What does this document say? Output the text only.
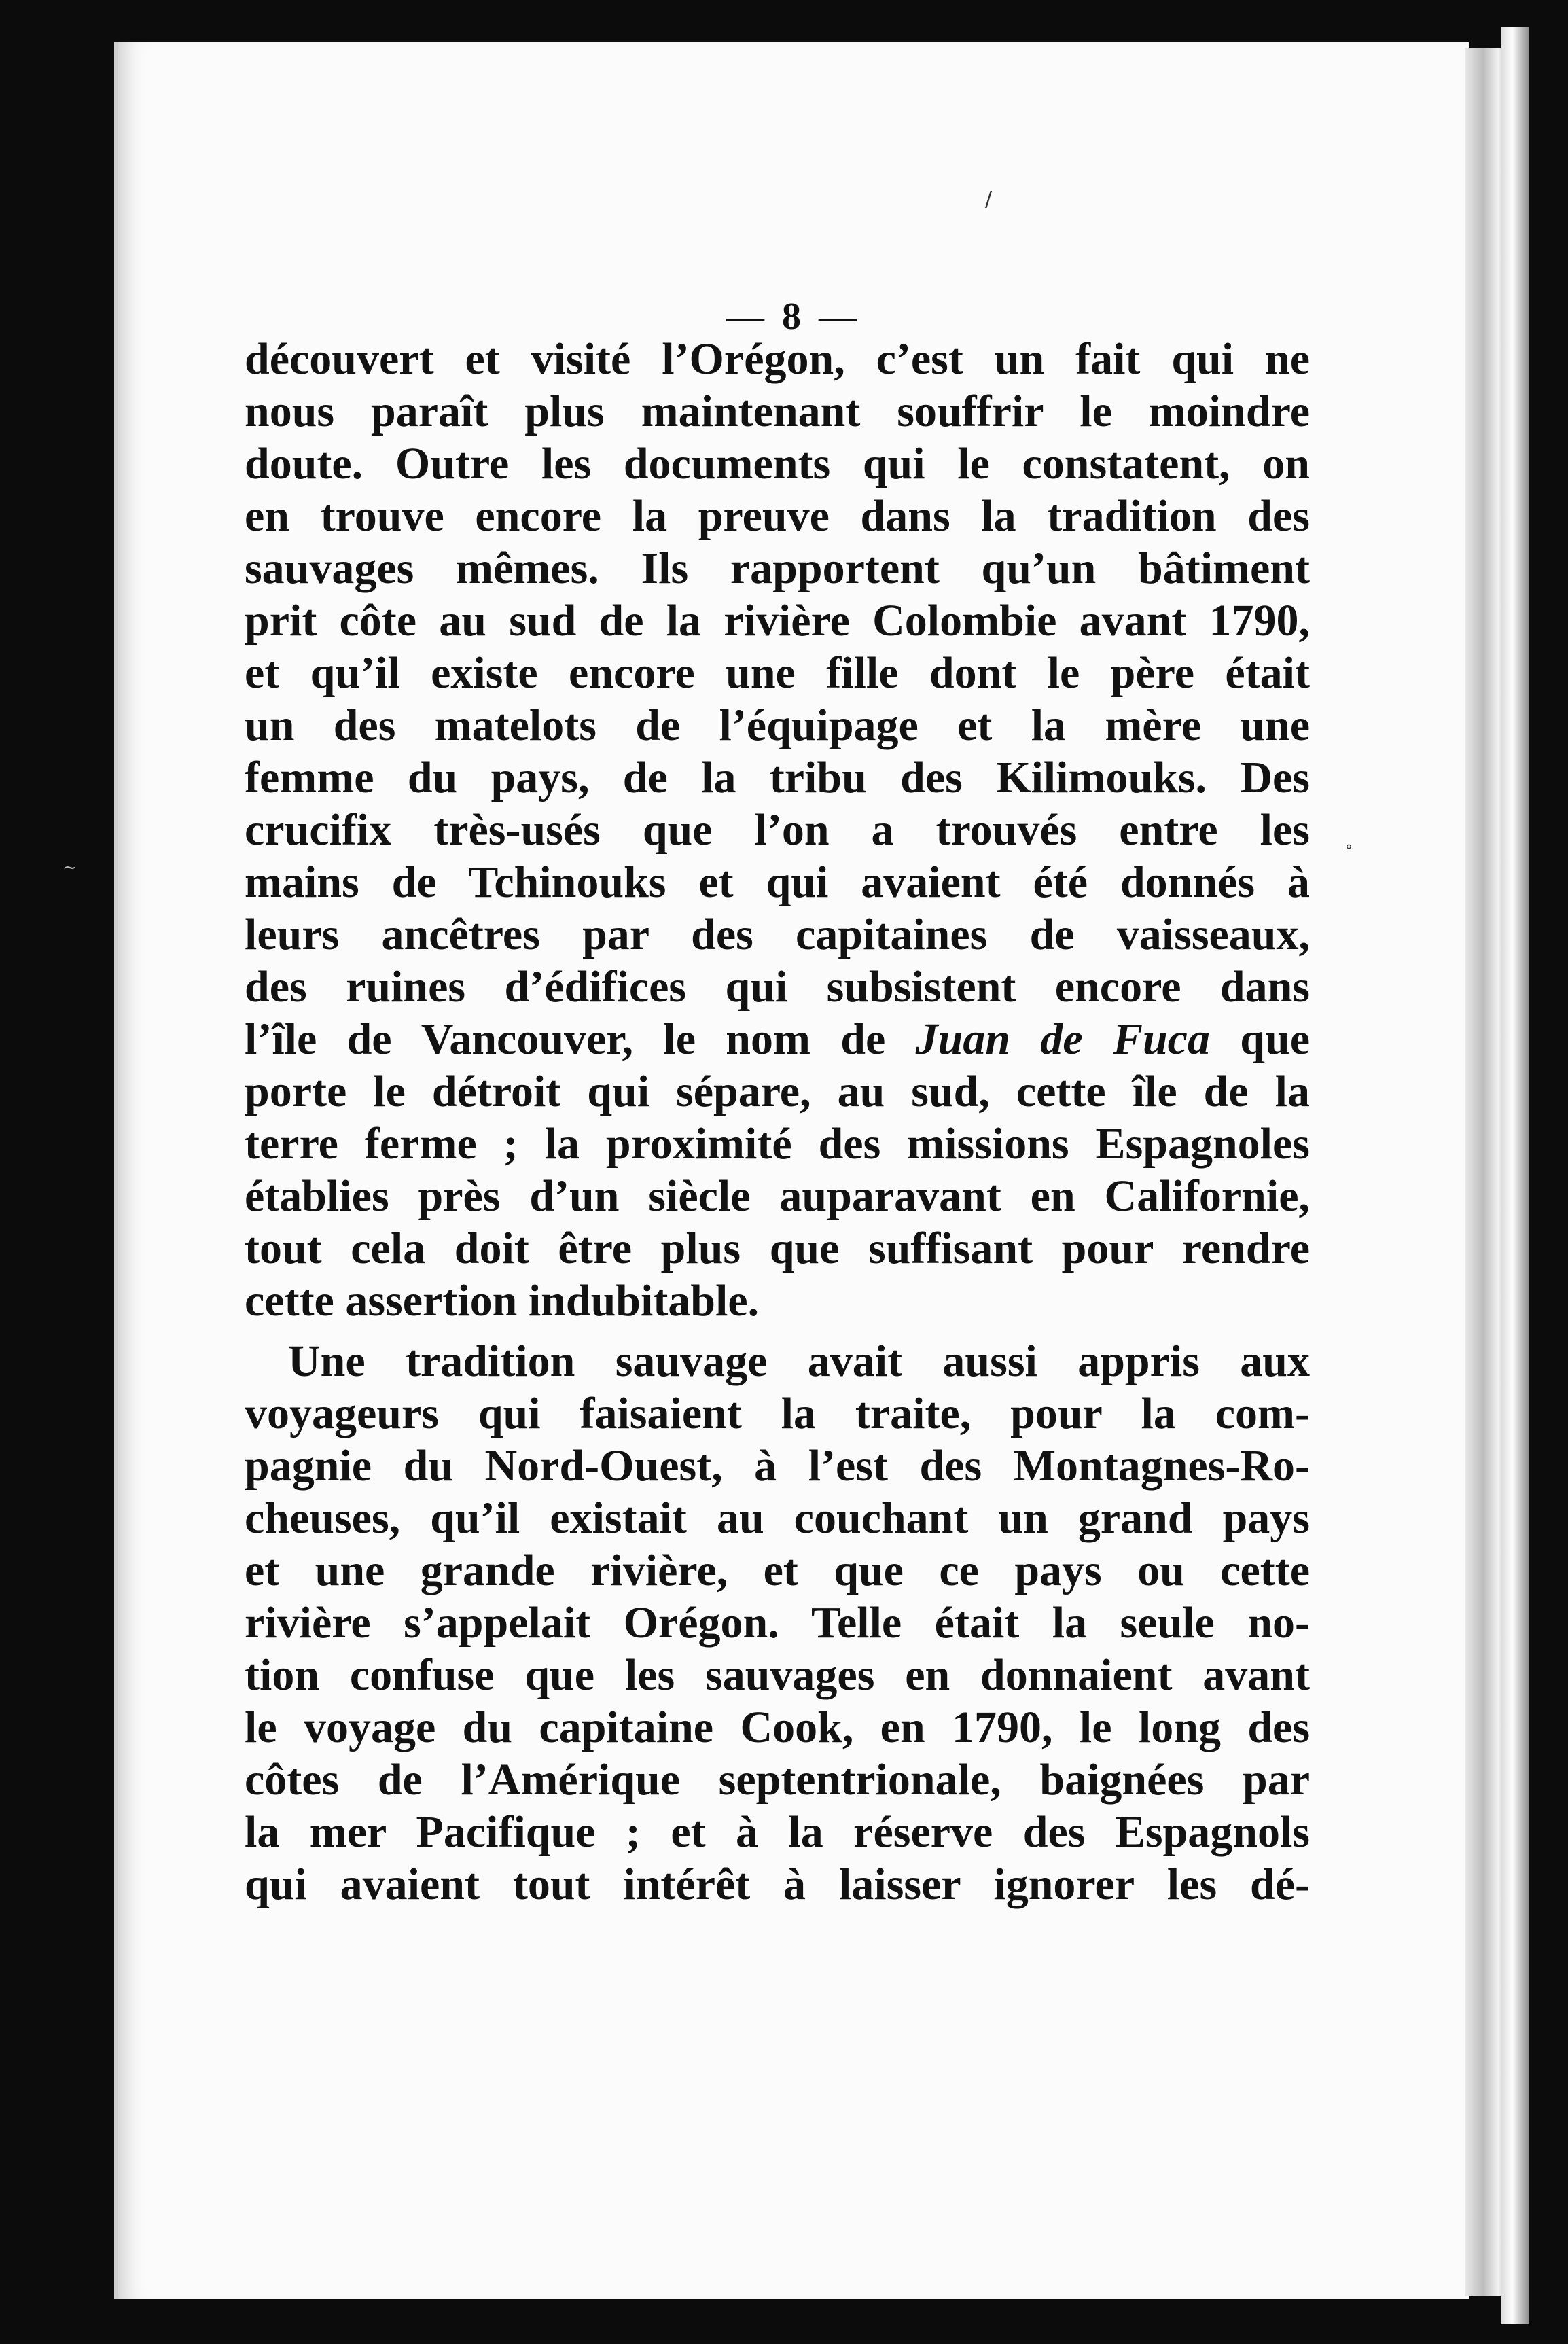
— 8 —
découvert et visité l’Orégon, c’est un fait qui ne
nous paraît plus maintenant souffrir le moindre
doute. Outre les documents qui le constatent, on
en trouve encore la preuve dans la tradition des
sauvages mêmes. Ils rapportent qu’un bâtiment
prit côte au sud de la rivière Colombie avant 1790,
et qu’il existe encore une fille dont le père était
un des matelots de l’équipage et la mère une
femme du pays, de la tribu des Kilimouks. Des
crucifix très-usés que l’on a trouvés entre les
mains de Tchinouks et qui avaient été donnés à
leurs ancêtres par des capitaines de vaisseaux,
des ruines d’édifices qui subsistent encore dans
l’île de Vancouver, le nom de Juan de Fuca que
porte le détroit qui sépare, au sud, cette île de la
terre ferme ; la proximité des missions Espagnoles
établies près d’un siècle auparavant en Californie,
tout cela doit être plus que suffisant pour rendre
cette assertion indubitable.
Une tradition sauvage avait aussi appris aux
voyageurs qui faisaient la traite, pour la com-
pagnie du Nord-Ouest, à l’est des Montagnes-Ro-
cheuses, qu’il existait au couchant un grand pays
et une grande rivière, et que ce pays ou cette
rivière s’appelait Orégon. Telle était la seule no-
tion confuse que les sauvages en donnaient avant
le voyage du capitaine Cook, en 1790, le long des
côtes de l’Amérique septentrionale, baignées par
la mer Pacifique ; et à la réserve des Espagnols
qui avaient tout intérêt à laisser ignorer les dé-
/
°
~
